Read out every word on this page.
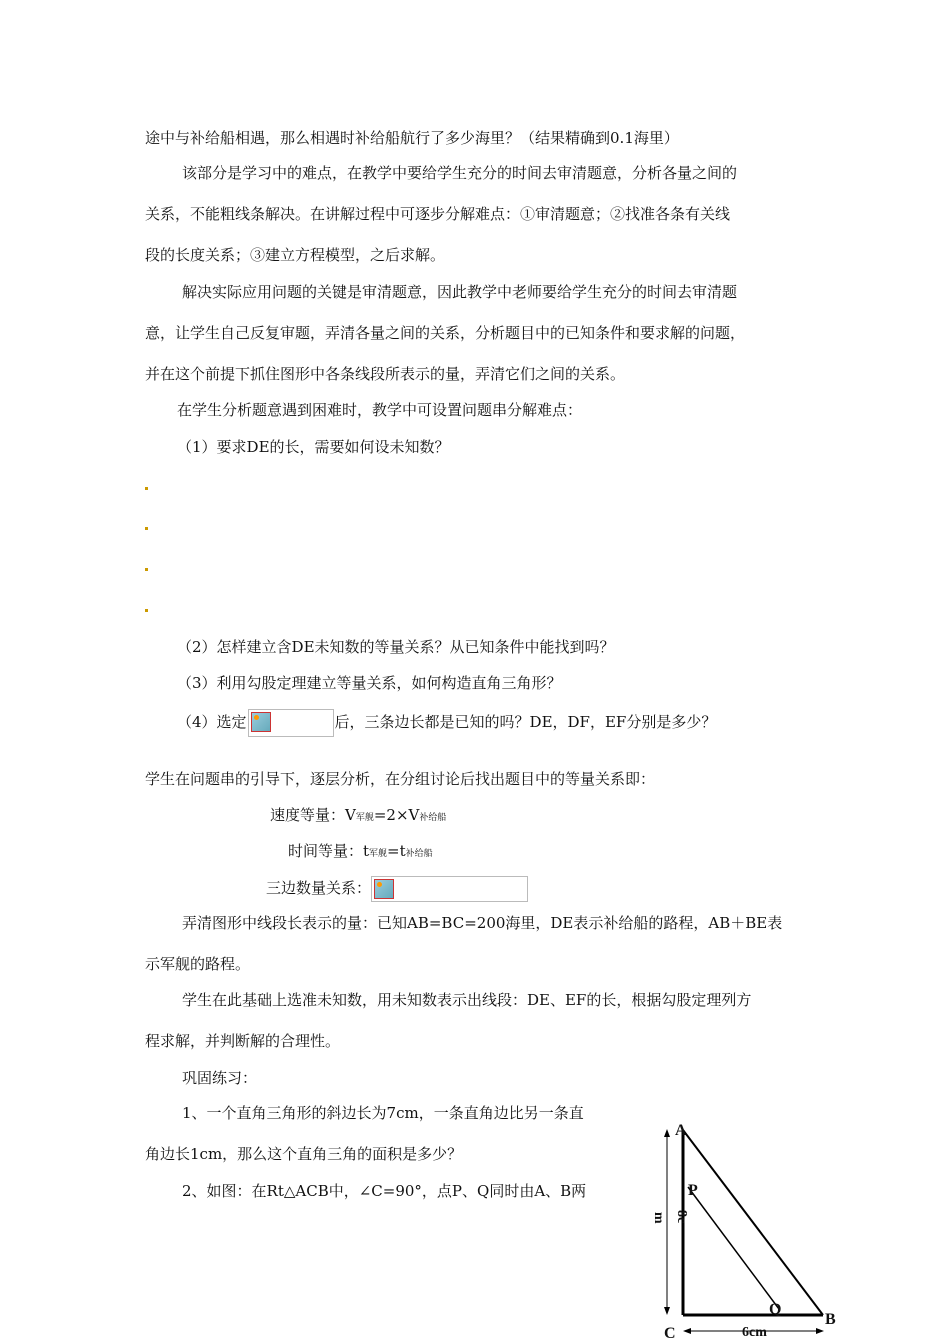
途中与补给船相遇，那么相遇时补给船航行了多少海里？（结果精确到0.1海里）
该部分是学习中的难点，在教学中要给学生充分的时间去审清题意，分析各量之间的
关系，不能粗线条解决。在讲解过程中可逐步分解难点：①审清题意；②找准各条有关线
段的长度关系；③建立方程模型，之后求解。
解决实际应用问题的关键是审清题意，因此教学中老师要给学生充分的时间去审清题
意，让学生自己反复审题，弄清各量之间的关系，分析题目中的已知条件和要求解的问题，
并在这个前提下抓住图形中各条线段所表示的量，弄清它们之间的关系。
在学生分析题意遇到困难时，教学中可设置问题串分解难点：
（1）要求DE的长，需要如何设未知数？
（2）怎样建立含DE未知数的等量关系？从已知条件中能找到吗？
（3）利用勾股定理建立等量关系，如何构造直角三角形？
（4）选定	后，三条边长都是已知的吗？DE，DF，EF分别是多少？
学生在问题串的引导下，逐层分析，在分组讨论后找出题目中的等量关系即：
速度等量：V军舰=2×V补给船
时间等量：t军舰=t补给船
三边数量关系：
弄清图形中线段长表示的量：已知AB=BC=200海里，DE表示补给船的路程，AB＋BE表
示军舰的路程。
学生在此基础上选准未知数，用未知数表示出线段：DE、EF的长，根据勾股定理列方
程求解，并判断解的合理性。
巩固练习：
1、一个直角三角形的斜边长为7cm，一条直角边比另一条直
角边长1cm，那么这个直角三角的面积是多少？
2、如图：在Rt△ACB中，∠C=90°，点P、Q同时由A、B两
A
B
C
P
Q
8c
m
6cm
